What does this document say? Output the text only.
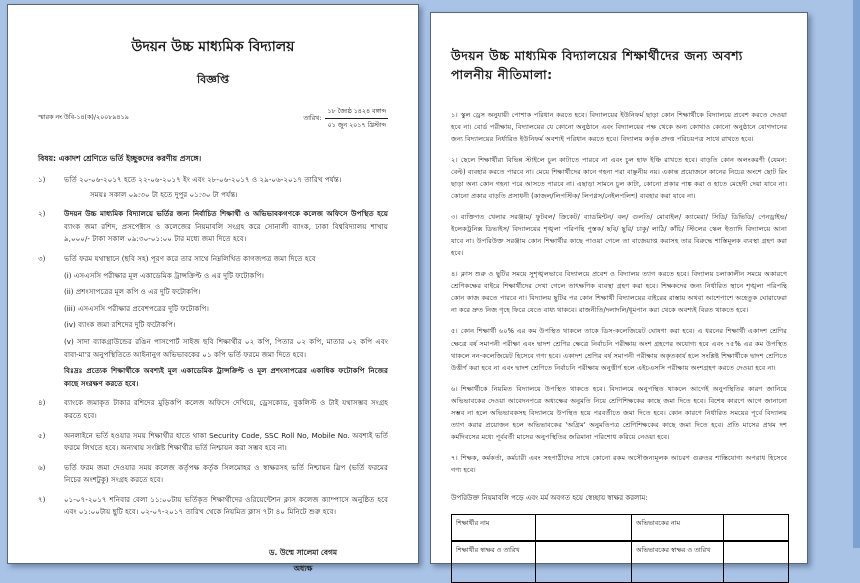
উদয়ন উচ্চ মাধ্যমিক বিদ্যালয়
বিজ্ঞপ্তি
স্মারক নং উবি-১৪(ক)/২০০৮৯৪১৯	তারিখ: $\frac{\text{১৮ জ্যৈষ্ঠ ১৪২৪ বঙ্গাব্দ}}{\text{০১ জুন ২০১৭ খ্রিস্টাব্দ}}$
বিষয়: একাদশ শ্রেণিতে ভর্তি ইচ্ছুকদের করণীয় প্রসঙ্গে।
১)	ভর্তি ২০-০৬-২০১৭ হতে ২২-০৬-২০১৭ ইং এবং ২৮-০৬-২০১৭ ও ২৯-০৬-২০১৭ তারিখ পর্যন্ত।
সময়ঃ সকাল ০৯:৩০ টা হতে দুপুর ০১:৩০ টা পর্যন্ত।
২)	উদয়ন উচ্চ মাধ্যমিক বিদ্যালয়ে ভর্তির জন্য নির্বাচিত শিক্ষার্থী ও অভিভাবকগণকে কলেজ অফিসে উপস্থিত হয়ে ব্যাংক জমা রশিদ, প্রসপেক্টাস ও কলেজের নিয়মাবলি সংগ্রহ করে সোনালী ব্যাংক, ঢাকা বিশ্ববিদ্যালয় শাখায় ৯,০০০/- টাকা সকাল ০৯:৩০-০১:০০ টার মধ্যে জমা দিতে হবে।
৩)	ভর্তি ফরম যথাস্থানে (ছবি সহ) পূরণ করে তার সাথে নিম্নলিখিত কাগজপত্র জমা দিতে হবে
(i) এসএসসি পরীক্ষার মূল একাডেমিক ট্রান্সক্রিপ্ট ও এর দুটি ফটোকপি।
(ii) প্রশংসাপত্রের মূল কপি ও এর দুটি ফটোকপি।
(iii) এসএসসি পরীক্ষার প্রবেশপত্রের দুটি ফটোকপি।
(iv) ব্যাংক জমা রশিদের দুটি ফটোকপি।
(v) সাদা ব্যাকগ্রাউন্ডের রঙিন পাসপোর্ট সাইজ ছবি শিক্ষার্থীর ০২ কপি, পিতার ০২ কপি, মাতার ০২ কপি এবং বাবা-মা'র অনুপস্থিতিতে আইনানুগ অভিভাবকের ০১ কপি ভর্তি ফরমে জমা দিতে হবে।
বিঃদ্রঃ প্রত্যেক শিক্ষার্থীকে অবশ্যই মূল একাডেমিক ট্রান্সক্রিপ্ট ও মূল প্রশংসাপত্রের একাধিক ফটোকপি নিজের কাছে সংরক্ষণ করতে হবে।
৪)	ব্যাংকে জমাকৃত টাকার রশিদের মুড়িকপি কলেজ অফিসে দেখিয়ে, ড্রেসকোড, বুকলিস্ট ও টাই যথাসম্ভব সংগ্রহ করতে হবে।
৫)	অনলাইনে ভর্তি হওয়ার সময় শিক্ষার্থীর হাতে থাকা Security Code, SSC Roll No, Mobile No. অবশ্যই ভর্তি ফরমে লিখতে হবে। অন্যথায় সংশ্লিষ্ট শিক্ষার্থীর ভর্তি নিশ্চায়ন করা সম্ভব হবে না।
৬)	ভর্তি ফরম জমা দেওয়ার সময় কলেজ কর্তৃপক্ষ কর্তৃক সিলমোহর ও স্বাক্ষরসহ ভর্তি নিশ্চায়ন স্লিপ (ভর্তি ফরমের নিচের অংশটুকু) সংগ্রহ করতে হবে।
৭)	০১-০৭-২০১৭ শনিবার বেলা ১১:০০টায় ভর্তিকৃত শিক্ষার্থীদের ওরিয়েন্টেশন ক্লাস কলেজ ক্যাম্পাসে অনুষ্ঠিত হবে এবং ০১:০০টায় ছুটি হবে। ০২-০৭-২০১৭ তারিখ থেকে নিয়মিত ক্লাস ৭টা ৪০ মিনিটে শুরু হবে।
ড. উম্মে সালেমা বেগম
অধ্যক্ষ
উদয়ন উচ্চ মাধ্যমিক বিদ্যালয়ের শিক্ষার্থীদের জন্য অবশ্য পালনীয় নীতিমালা:

১। স্কুল ড্রেস অনুযায়ী পোশাক পরিধান করতে হবে। বিদ্যালয়ের ইউনিফর্ম ছাড়া কোন শিক্ষার্থীকে বিদ্যালয়ে প্রবেশ করতে দেওয়া হবে না। বোর্ড পরীক্ষায়, বিদ্যালয়ের যে কোনো অনুষ্ঠানে এবং বিদ্যালয়ের পক্ষ থেকে অন্য কোথাও কোনো অনুষ্ঠানে যোগদানের জন্য বিদ্যালয়ের নির্ধারিত ইউনিফর্ম অবশ্যই পরিধান করতে হবে। বিদ্যালয় কর্তৃক প্রদত্ত পরিচয়পত্র সাথে রাখতে হবে।

২। ছেলে শিক্ষার্থীরা বিভিন্ন স্টাইলে চুল কাটাতে পারবে না এবং চুল হাফ ইঞ্চি রাখতে হবে। বাড়তি কোন অলংকরণী (যেমন: বেল্ট) ব্যবহার করতে পারবে না। মেয়ে শিক্ষার্থীদের কানে গহনা পরা বাঞ্ছনীয় নয়। একান্ত প্রয়োজনে কানের নিচের অংশে ছোট রিং ছাড়া অন্য কোন গহনা পরে আসতে পারবে না। এছাড়া সামনে চুল কাটা, কোনো প্রকার পাঙ্ক করা ও হাতে মেহেদী দেয়া যাবে না। কোনো প্রকার বাড়তি প্রসাধনী (কাজল/লিপস্টিক/ লিপগ্লস/নেইলপলিশ) ব্যবহার করা যাবে না।

৩। ব্যক্তিগত খেলার সরঞ্জাম/ ফুটবল/ ক্রিকেট/ ব্যাডমিন্টন/ বল/ গুলতি/ মোবাইল/ ক্যামেরা/ সিডি/ ডিভিডি/ পেনড্রাইভ/ ইলেকট্রনিক্স ডিভাইস/ বিদ্যালয়ের শৃঙ্খলা পরিপন্থি পুস্তক/ ছবি/ ছুরি/ চাকু/ লাঠি/ কাঁচি/ স্টিলের স্কেল ইত্যাদি বিদ্যালয়ে আনা যাবে না। উপরিউক্ত সরঞ্জাম কোন শিক্ষার্থীর কাছে পাওয়া গেলে তা বাজেয়াপ্ত করাসহ তার বিরুদ্ধে শাস্তিমূলক ব্যবস্থা গ্রহণ করা হবে।

৪। ক্লাস শুরু ও ছুটির সময়ে সুশৃঙ্খলভাবে বিদ্যালয়ে প্রবেশ ও বিদ্যালয় ত্যাগ করতে হবে। বিদ্যালয় চলাকালীন সময়ে অকারণে শ্রেণিকক্ষের বাইরে শিক্ষার্থীদের দেখা গেলে তাৎক্ষণিক ব্যবস্থা গ্রহণ করা হবে। শিক্ষকদের জন্য নির্ধারিত স্থানে শৃঙ্খলা পরিপন্থি কোন কাজ করতে পারবে না। বিদ্যালয় ছুটির পর কোন শিক্ষার্থী বিদ্যালয়ের বাইরের রাস্তায় অথবা আশেপাশে অহেতুক ঘোরাফেরা না করে দ্রুত নিজ গৃহে ফিরে যেতে বাধ্য থাকবে। রাজনীতি/দলাদলি/ধূমপান করা থেকে অবশ্যই বিরত থাকতে হবে।

৫। কোন শিক্ষার্থী ৬০% এর কম উপস্থিত থাকলে তাকে ডিস-কলেজিয়েট ঘোষণা করা হবে। এ ধরনের শিক্ষার্থী একাদশ শ্রেণির ক্ষেত্রে বর্ষ সমাপনী পরীক্ষা এবং দ্বাদশ শ্রেণির ক্ষেত্রে নির্বাচনি পরীক্ষায় অংশ গ্রহণের অযোগ্য হবে এবং ৭৫% এর কম উপস্থিত থাকলে নন-কলেজিয়েট হিসেবে গণ্য হবে। একাদশ শ্রেণির বর্ষ সমাপনী পরীক্ষায় অকৃতকার্য হলে সংশ্লিষ্ট শিক্ষার্থীকে দ্বাদশ শ্রেণিতে উত্তীর্ণ করা হবে না এবং দ্বাদশ শ্রেণিতে নির্বাচনি পরীক্ষায় অনুত্তীর্ণ হলে এইচএসসি পরীক্ষায় অংশগ্রহণ করতে দেওয়া হবে না।

৬। শিক্ষার্থীকে নিয়মিত বিদ্যালয়ে উপস্থিত থাকতে হবে। বিদ্যালয়ে অনুপস্থিত থাকলে আগেই অনুপস্থিতির কারণ জানিয়ে অভিভাবকের দেওয়া আবেদনপত্রে অধ্যক্ষের অনুমতি নিয়ে শ্রেণিশিক্ষকের কাছে জমা দিতে হবে। বিশেষ কারণে আগে জানানো সম্ভব না হলে অভিভাবকসহ বিদ্যালয়ে উপস্থিত হয়ে পরবর্তীতে জমা দিতে হবে। কোন কারণে নির্ধারিত সময়ের পূর্বে বিদ্যালয় ত্যাগ করার প্রয়োজন হলে অভিভাবকের 'অগ্রিম' অনুমতিপত্র শ্রেণিশিক্ষকের কাছে জমা দিতে হবে। প্রতি মাসের প্রথম দশ কর্মদিবসের মধ্যে পূর্ববর্তী মাসের অনুপস্থিতির জরিমানা পরিশোধ করিয়ে নেওয়া হবে।

৭। শিক্ষক, কর্মকর্তা, কর্মচারী এবং সহপাঠীদের সাথে কোনো রকম অসৌজন্যমূলক আচরণ গুরুতর শাস্তিযোগ্য অপরাধ হিসেবে গণ্য হবে।

উপরিউক্ত নিয়মাবলি পড়ে এবং মর্ম অবগত হয়ে স্বেচ্ছায় স্বাক্ষর করলাম:
শিক্ষার্থীর নাম	অভিভাবকের নাম
শিক্ষার্থীর স্বাক্ষর ও তারিখ	অভিভাবকের স্বাক্ষর ও তারিখ
